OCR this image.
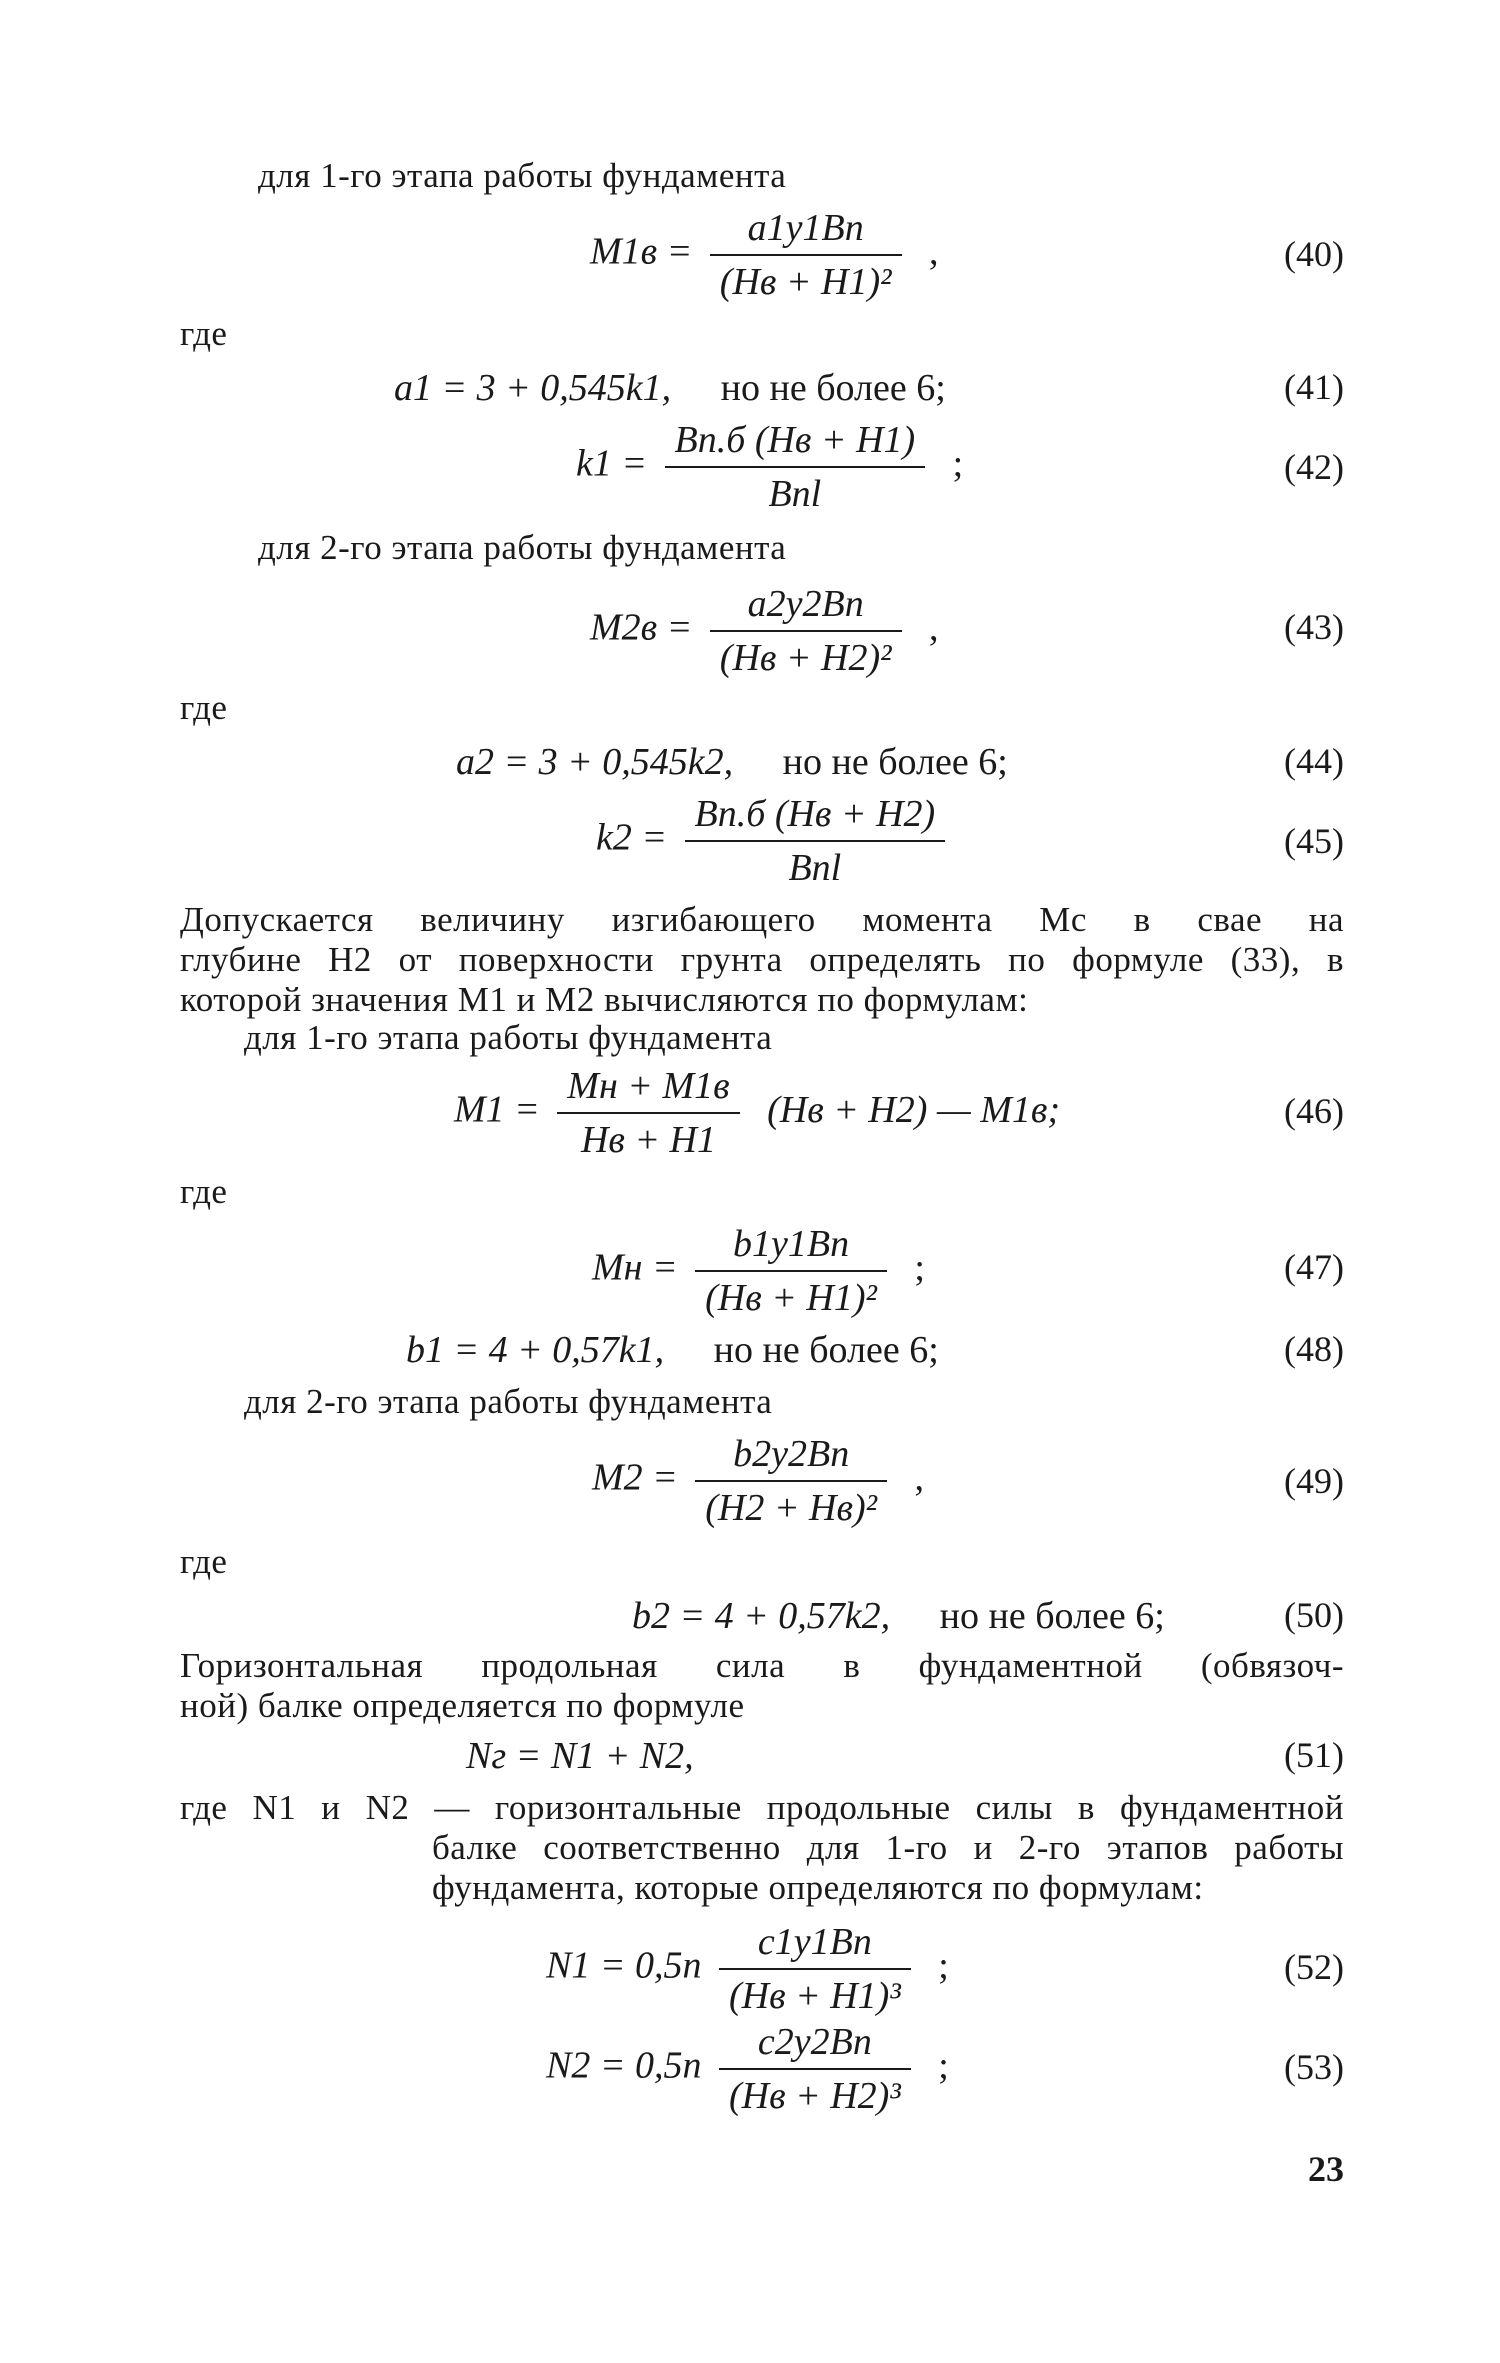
для 1-го этапа работы фундамента
$M1в = \frac{a1y1Bп}{\text{(Hв + H1)²}}$ ,	(40)
где
a1 = 3 + 0,545k1, но не более 6;	(41)
$k1 = \frac{Bп.б (Hв + H1)}{\text{Bпl}}$ ;	(42)
для 2-го этапа работы фундамента
$M2в = \frac{a2y2Bп}{\text{(Hв + H2)²}}$ ,	(43)
где
a2 = 3 + 0,545k2, но не более 6;	(44)
$k2 = \frac{Bп.б (Hв + H2)}{\text{Bпl}}$	(45)
Допускается величину изгибающего момента Mс в свае на
глубине H2 от поверхности грунта определять по формуле (33), в
которой значения M1 и M2 вычисляются по формулам:
для 1-го этапа работы фундамента
$M1 = \frac{Mн + M1в}{Hв + H1} (Hв + H2)$ — M1в;	(46)
где
Mн = $\frac{b1y1Bп}{\text{(Hв + H1)²}}$ ;	(47)
b1 = 4 + 0,57k1, но не более 6;	(48)
для 2-го этапа работы фундамента
$M2 = \frac{b2y2Bп}{\text{(H2 + Hв)²}}$ ,	(49)
где
b2 = 4 + 0,57k2, но не более 6;	(50)
Горизонтальная продольная сила в фундаментной (обвязоч-
ной) балке определяется по формуле
Nг = N1 + N2,	(51)
где N1 и N2 — горизонтальные продольные силы в фундаментной
балке соответственно для 1-го и 2-го этапов работы
фундамента, которые определяются по формулам:
$N1 = 0,5n \frac{c1y1Bп}{\text{(Hв + H1)³}}$ ;	(52)
$N2 = 0,5n \frac{c2y2Bп}{\text{(Hв + H2)³}}$ ;	(53)
23
